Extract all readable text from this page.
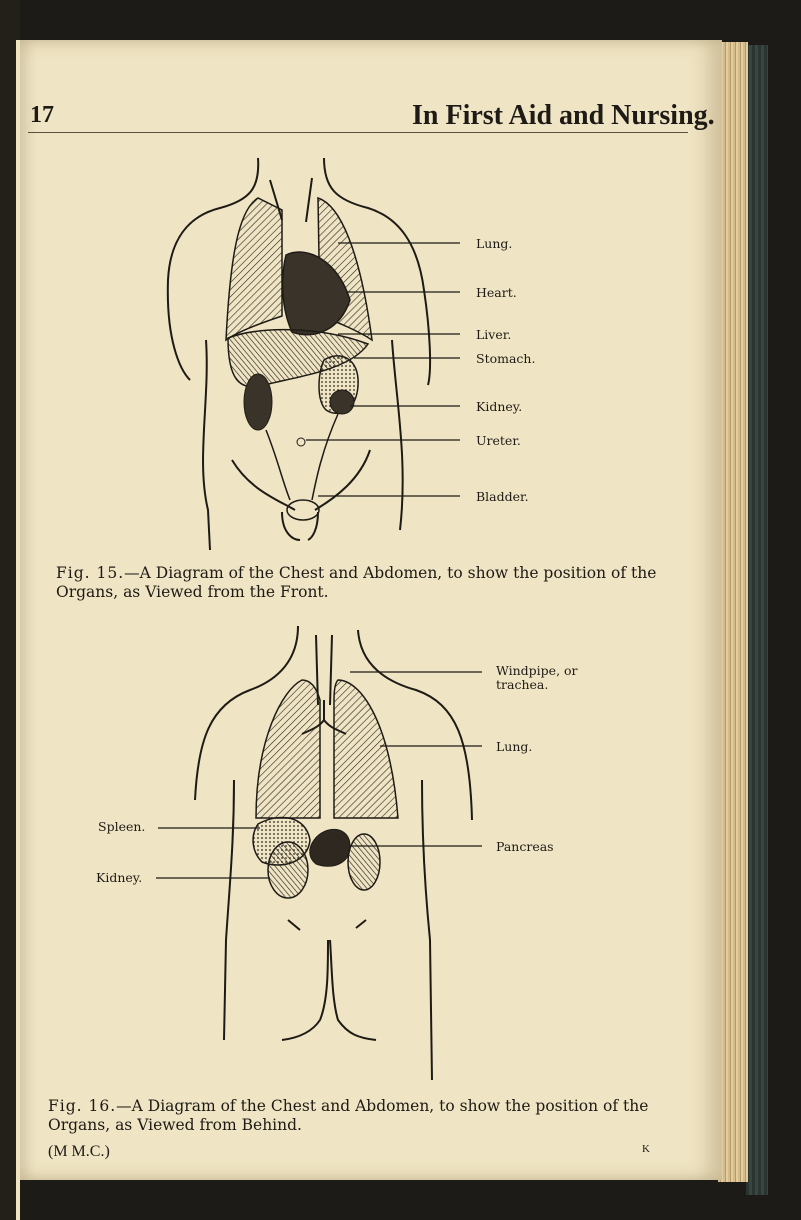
17	In First Aid and Nursing.
Lung.
Heart.
Liver.
Stomach.
Kidney.
Ureter.
Bladder.
Fig. 15.—A Diagram of the Chest and Abdomen, to show the position of the Organs, as Viewed from the Front.
Windpipe, or trachea.
Lung.
Pancreas
Spleen.
Kidney.
Fig. 16.—A Diagram of the Chest and Abdomen, to show the position of the Organs, as Viewed from Behind.
(M M.C.)	K
